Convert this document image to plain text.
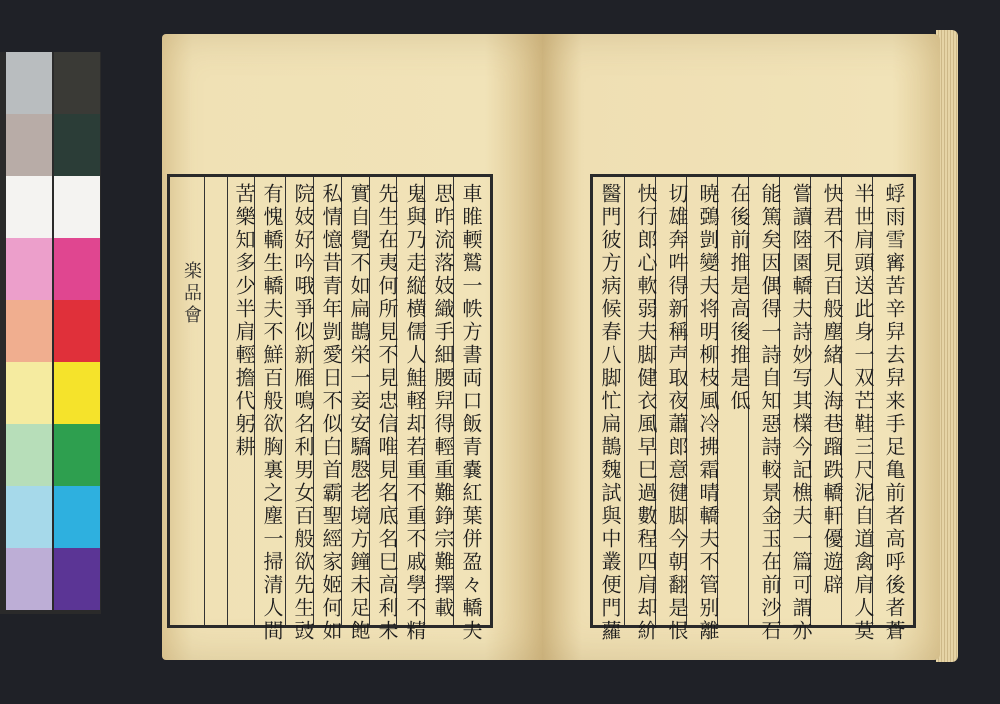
楽品會	車睢輭鷲一帙方書両口飯青嚢紅葉併盈々轎夫
思昨流落妓織手細腰舁得輕重難錚宗難擇載
鬼與乃走縦横儒人鮭軽却若重不重不戚學不精
先生在夷何所見不見忠信唯見名底名巳高利未
實自覺不如扁鵲栄一妾安驕慇老境方鐘未足飽
私情憶昔青年剴愛日不似白首霸聖經家姬何如
院妓好吟哦爭似新雁鳴名利男女百般欲先生豉
有愧轎生轎夫不鮮百般欲胸裏之塵一掃清人間
苦樂知多少半肩輕擔代躬耕	蜉雨雪寗苦辛舁去舁来手足亀前者高呼後者蒼
半世肩頭送此身一双芒鞋三尺泥自道禽肩人莫
快君不見百般塵緒人海巷蹓跌轎軒優遊辟
嘗讀陸園轎夫詩妙写其檏今記樵夫一篇可謂亦
能篤矣因偶得一詩自知惡詩較景金玉在前沙石
在後前推是高後推是低
暁鵶剴變夫将明柳枝風冷拂霜晴轎夫不管别離
切雄奔吽得新稱声取夜蕭郎意徤脚今朝翻是恨
快行郎心軟弱夫脚健衣風早巳過數程四肩却紒
醫門彼方病候春八脚忙扁鵲魏試與中叢便門蘿
